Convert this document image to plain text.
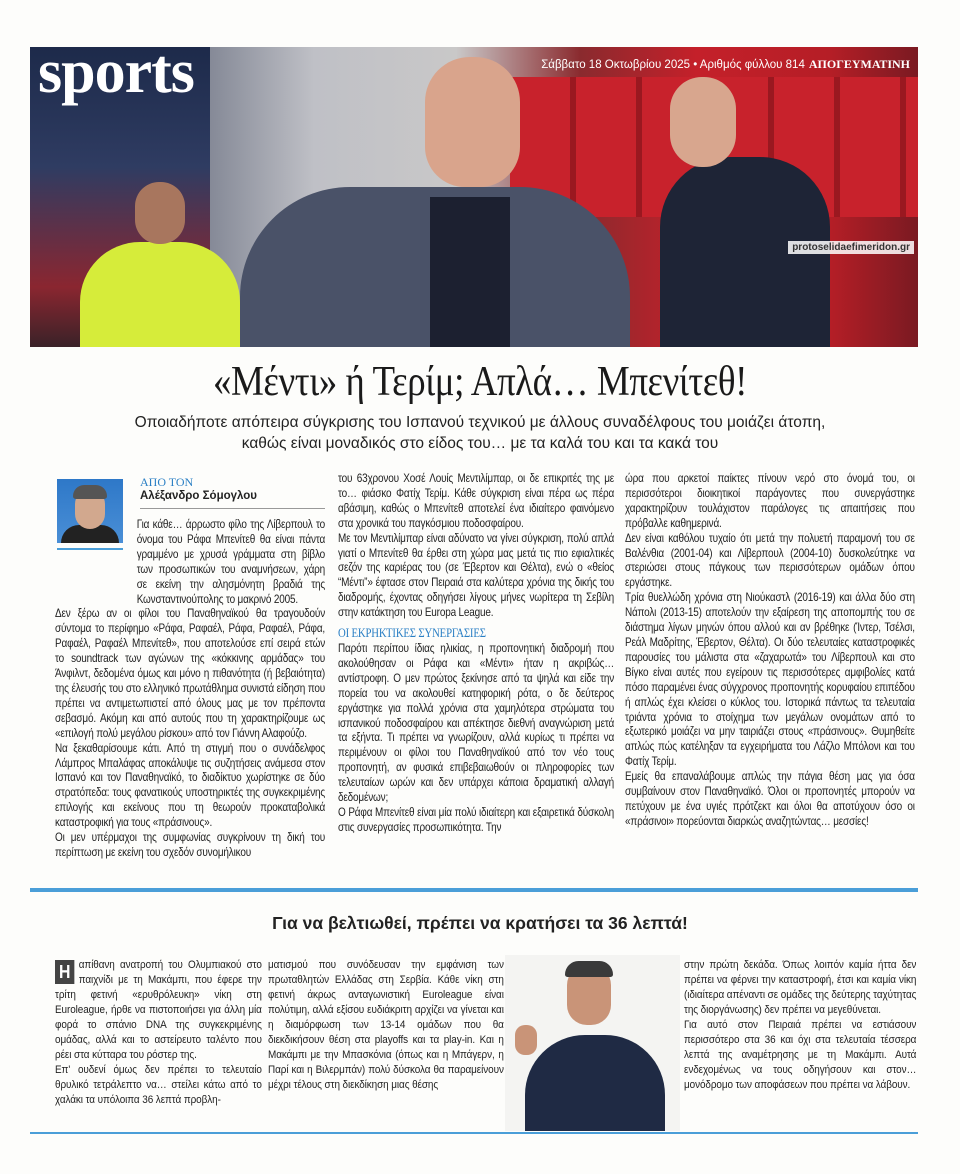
sports	Σάββατο 18 Οκτωβρίου 2025 • Αριθμός φύλλου 814 ΑΠΟΓΕΥΜΑΤΙΝΗ
protoselidaefimeridon.gr
«Μέντι» ή Τερίμ; Απλά… Μπενίτεθ!
Οποιαδήποτε απόπειρα σύγκρισης του Ισπανού τεχνικού με άλλους συναδέλφους του μοιάζει άτοπη, καθώς είναι μοναδικός στο είδος του… με τα καλά του και τα κακά του
ΑΠΟ ΤΟΝ
Αλέξανδρο Σόμογλου

Για κάθε… άρρωστο φίλο της Λίβερπουλ το όνομα του Ράφα Μπενίτεθ θα είναι πάντα γραμμένο με χρυσά γράμματα στη βίβλο των προσωπικών του αναμνήσεων, χάρη σε εκείνη την αλησμόνητη βραδιά της Κωνσταντινούπολης το μακρινό 2005.

Δεν ξέρω αν οι φίλοι του Παναθηναϊκού θα τραγουδούν σύντομα το περίφημο «Ράφα, Ραφαέλ, Ράφα, Ραφαέλ, Ράφα, Ραφαέλ, Ραφαέλ Μπενίτεθ», που αποτελούσε επί σειρά ετών το soundtrack των αγώνων της «κόκκινης αρμάδας» του Άνφιλντ, δεδομένα όμως και μόνο η πιθανότητα (ή βεβαιότητα) της έλευσής του στο ελληνικό πρωτάθλημα συνιστά είδηση που πρέπει να αντιμετωπιστεί από όλους μας με τον πρέποντα σεβασμό. Ακόμη και από αυτούς που τη χαρακτηρίζουμε ως «επιλογή πολύ μεγάλου ρίσκου» από τον Γιάννη Αλαφούζο.

Να ξεκαθαρίσουμε κάτι. Από τη στιγμή που ο συνάδελφος Λάμπρος Μπαλάφας αποκάλυψε τις συζητήσεις ανάμεσα στον Ισπανό και τον Παναθηναϊκό, το διαδίκτυο χωρίστηκε σε δύο στρατόπεδα: τους φανατικούς υποστηρικτές της συγκεκριμένης επιλογής και εκείνους που τη θεωρούν προκαταβολικά καταστροφική για τους «πράσινους».

Οι μεν υπέρμαχοι της συμφωνίας συγκρίνουν τη δική του περίπτωση με εκείνη του σχεδόν συνομήλικου

του 63χρονου Χοσέ Λουίς Μεντιλίμπαρ, οι δε επικριτές της με το… φιάσκο Φατίχ Τερίμ. Κάθε σύγκριση είναι πέρα ως πέρα αβάσιμη, καθώς ο Μπενίτεθ αποτελεί ένα ιδιαίτερο φαινόμενο στα χρονικά του παγκόσμιου ποδοσφαίρου.

Με τον Μεντιλίμπαρ είναι αδύνατο να γίνει σύγκριση, πολύ απλά γιατί ο Μπενίτεθ θα έρθει στη χώρα μας μετά τις πιο εφιαλτικές σεζόν της καριέρας του (σε Έβερτον και Θέλτα), ενώ ο «θείος “Μέντι”» έφτασε στον Πειραιά στα καλύτερα χρόνια της δικής του διαδρομής, έχοντας οδηγήσει λίγους μήνες νωρίτερα τη Σεβίλη στην κατάκτηση του Europa League.

ΟΙ ΕΚΡΗΚΤΙΚΕΣ ΣΥΝΕΡΓΑΣΙΕΣ

Παρότι περίπου ίδιας ηλικίας, η προπονητική διαδρομή που ακολούθησαν οι Ράφα και «Μέντι» ήταν η ακριβώς… αντίστροφη. Ο μεν πρώτος ξεκίνησε από τα ψηλά και είδε την πορεία του να ακολουθεί κατηφορική ρότα, ο δε δεύτερος εργάστηκε για πολλά χρόνια στα χαμηλότερα στρώματα του ισπανικού ποδοσφαίρου και απέκτησε διεθνή αναγνώριση μετά τα εξήντα. Τι πρέπει να γνωρίζουν, αλλά κυρίως τι πρέπει να περιμένουν οι φίλοι του Παναθηναϊκού από τον νέο τους προπονητή, αν φυσικά επιβεβαιωθούν οι πληροφορίες των τελευταίων ωρών και δεν υπάρχει κάποια δραματική αλλαγή δεδομένων;

Ο Ράφα Μπενίτεθ είναι μία πολύ ιδιαίτερη και εξαιρετικά δύσκολη στις συνεργασίες προσωπικότητα. Την

ώρα που αρκετοί παίκτες πίνουν νερό στο όνομά του, οι περισσότεροι διοικητικοί παράγοντες που συνεργάστηκε χαρακτηρίζουν τουλάχιστον παράλογες τις απαιτήσεις που πρόβαλλε καθημερινά.

Δεν είναι καθόλου τυχαίο ότι μετά την πολυετή παραμονή του σε Βαλένθια (2001-04) και Λίβερπουλ (2004-10) δυσκολεύτηκε να στεριώσει στους πάγκους των περισσότερων ομάδων όπου εργάστηκε.

Τρία θυελλώδη χρόνια στη Νιούκαστλ (2016-19) και άλλα δύο στη Νάπολι (2013-15) αποτελούν την εξαίρεση της αποπομπής του σε διάστημα λίγων μηνών όπου αλλού και αν βρέθηκε (Ίντερ, Τσέλσι, Ρεάλ Μαδρίτης, Έβερτον, Θέλτα). Οι δύο τελευταίες καταστροφικές παρουσίες του μάλιστα στα «ζαχαρωτά» του Λίβερπουλ και στο Βίγκο είναι αυτές που εγείρουν τις περισσότερες αμφιβολίες κατά πόσο παραμένει ένας σύγχρονος προπονητής κορυφαίου επιπέδου ή απλώς έχει κλείσει ο κύκλος του. Ιστορικά πάντως τα τελευταία τριάντα χρόνια το στοίχημα των μεγάλων ονομάτων από το εξωτερικό μοιάζει να μην ταιριάζει στους «πράσινους». Θυμηθείτε απλώς πώς κατέληξαν τα εγχειρήματα του Λάζλο Μπόλονι και του Φατίχ Τερίμ.

Εμείς θα επαναλάβουμε απλώς την πάγια θέση μας για όσα συμβαίνουν στον Παναθηναϊκό. Όλοι οι προπονητές μπορούν να πετύχουν με ένα υγιές πρότζεκτ και όλοι θα αποτύχουν όσο οι «πράσινοι» πορεύονται διαρκώς αναζητώντας… μεσσίες!

Για να βελτιωθεί, πρέπει να κρατήσει τα 36 λεπτά!

Η απίθανη ανατροπή του Ολυμπιακού στο παιχνίδι με τη Μακάμπι, που έφερε την τρίτη φετινή «ερυθρόλευκη» νίκη στη Euroleague, ήρθε να πιστοποιήσει για άλλη μία φορά το σπάνιο DNA της συγκεκριμένης ομάδας, αλλά και το αστείρευτο ταλέντο που ρέει στα κύτταρα του ρόστερ της.

Επ' ουδενί όμως δεν πρέπει το τελευταίο θρυλικό τετράλεπτο να… στείλει κάτω από το χαλάκι τα υπόλοιπα 36 λεπτά προβλη-

ματισμού που συνόδευσαν την εμφάνιση των πρωταθλητών Ελλάδας στη Σερβία. Κάθε νίκη στη φετινή άκρως ανταγωνιστική Euroleague είναι πολύτιμη, αλλά εξίσου ευδιάκριτη αρχίζει να γίνεται και η διαμόρφωση των 13-14 ομάδων που θα διεκδικήσουν θέση στα playoffs και τα play-in. Και η Μακάμπι με την Μπασκόνια (όπως και η Μπάγερν, η Παρί και η Βιλερμπάν) πολύ δύσκολα θα παραμείνουν μέχρι τέλους στη διεκδίκηση μιας θέσης

στην πρώτη δεκάδα. Όπως λοιπόν καμία ήττα δεν πρέπει να φέρνει την καταστροφή, έτσι και καμία νίκη (ιδιαίτερα απέναντι σε ομάδες της δεύτερης ταχύτητας της διοργάνωσης) δεν πρέπει να μεγεθύνεται.

Για αυτό στον Πειραιά πρέπει να εστιάσουν περισσότερο στα 36 και όχι στα τελευταία τέσσερα λεπτά της αναμέτρησης με τη Μακάμπι. Αυτά ενδεχομένως να τους οδηγήσουν και στον… μονόδρομο των αποφάσεων που πρέπει να λάβουν.
